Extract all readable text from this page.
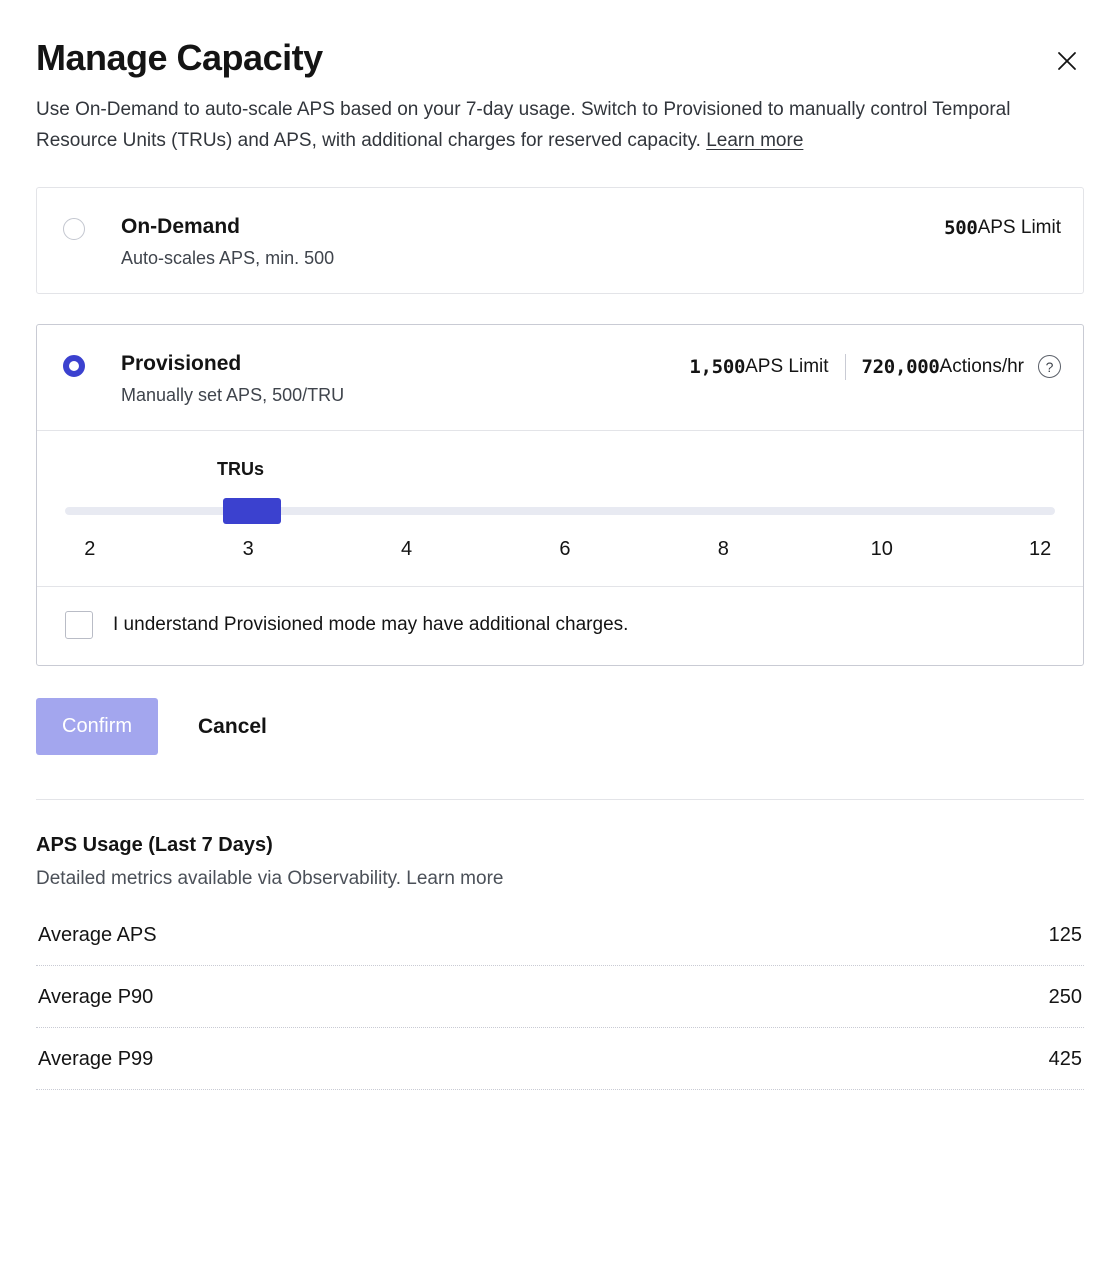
Manage Capacity

Use On-Demand to auto-scale APS based on your 7-day usage. Switch to Provisioned to manually control Temporal Resource Units (TRUs) and APS, with additional charges for reserved capacity. Learn more

On-Demand
Auto-scales APS, min. 500
500 APS Limit
Provisioned
Manually set APS, 500/TRU
1,500 APS Limit 720,000 Actions/hr	?
TRUs
2	3	4	6	8	10	12
I understand Provisioned mode may have additional charges.
Confirm	Cancel
APS Usage (Last 7 Days)
Detailed metrics available via Observability. Learn more
Average APS	125
Average P90	250
Average P99	425
